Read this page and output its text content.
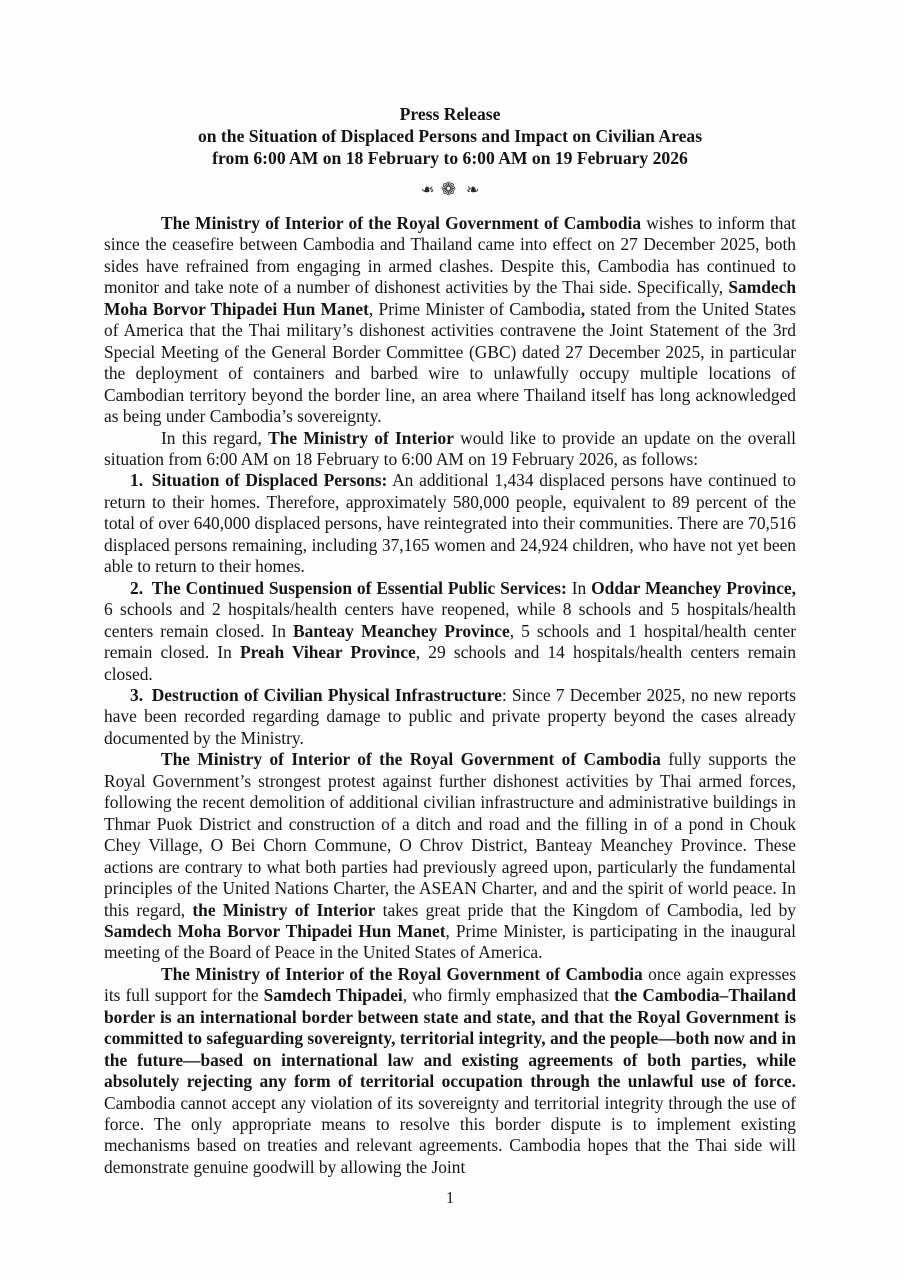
Press Release
on the Situation of Displaced Persons and Impact on Civilian Areas
from 6:00 AM on 18 February to 6:00 AM on 19 February 2026
❧ ❁ ❧

The Ministry of Interior of the Royal Government of Cambodia wishes to inform that since the ceasefire between Cambodia and Thailand came into effect on 27 December 2025, both sides have refrained from engaging in armed clashes. Despite this, Cambodia has continued to monitor and take note of a number of dishonest activities by the Thai side. Specifically, Samdech Moha Borvor Thipadei Hun Manet, Prime Minister of Cambodia, stated from the United States of America that the Thai military’s dishonest activities contravene the Joint Statement of the 3rd Special Meeting of the General Border Committee (GBC) dated 27 December 2025, in particular the deployment of containers and barbed wire to unlawfully occupy multiple locations of Cambodian territory beyond the border line, an area where Thailand itself has long acknowledged as being under Cambodia’s sovereignty.

In this regard, The Ministry of Interior would like to provide an update on the overall situation from 6:00 AM on 18 February to 6:00 AM on 19 February 2026, as follows:

1. Situation of Displaced Persons: An additional 1,434 displaced persons have continued to return to their homes. Therefore, approximately 580,000 people, equivalent to 89 percent of the total of over 640,000 displaced persons, have reintegrated into their communities. There are 70,516 displaced persons remaining, including 37,165 women and 24,924 children, who have not yet been able to return to their homes.

2. The Continued Suspension of Essential Public Services: In Oddar Meanchey Province, 6 schools and 2 hospitals/health centers have reopened, while 8 schools and 5 hospitals/health centers remain closed. In Banteay Meanchey Province, 5 schools and 1 hospital/health center remain closed. In Preah Vihear Province, 29 schools and 14 hospitals/health centers remain closed.

3. Destruction of Civilian Physical Infrastructure: Since 7 December 2025, no new reports have been recorded regarding damage to public and private property beyond the cases already documented by the Ministry.

The Ministry of Interior of the Royal Government of Cambodia fully supports the Royal Government’s strongest protest against further dishonest activities by Thai armed forces, following the recent demolition of additional civilian infrastructure and administrative buildings in Thmar Puok District and construction of a ditch and road and the filling in of a pond in Chouk Chey Village, O Bei Chorn Commune, O Chrov District, Banteay Meanchey Province. These actions are contrary to what both parties had previously agreed upon, particularly the fundamental principles of the United Nations Charter, the ASEAN Charter, and and the spirit of world peace. In this regard, the Ministry of Interior takes great pride that the Kingdom of Cambodia, led by Samdech Moha Borvor Thipadei Hun Manet, Prime Minister, is participating in the inaugural meeting of the Board of Peace in the United States of America.

The Ministry of Interior of the Royal Government of Cambodia once again expresses its full support for the Samdech Thipadei, who firmly emphasized that the Cambodia–Thailand border is an international border between state and state, and that the Royal Government is committed to safeguarding sovereignty, territorial integrity, and the people—both now and in the future—based on international law and existing agreements of both parties, while absolutely rejecting any form of territorial occupation through the unlawful use of force. Cambodia cannot accept any violation of its sovereignty and territorial integrity through the use of force. The only appropriate means to resolve this border dispute is to implement existing mechanisms based on treaties and relevant agreements. Cambodia hopes that the Thai side will demonstrate genuine goodwill by allowing the Joint

1
